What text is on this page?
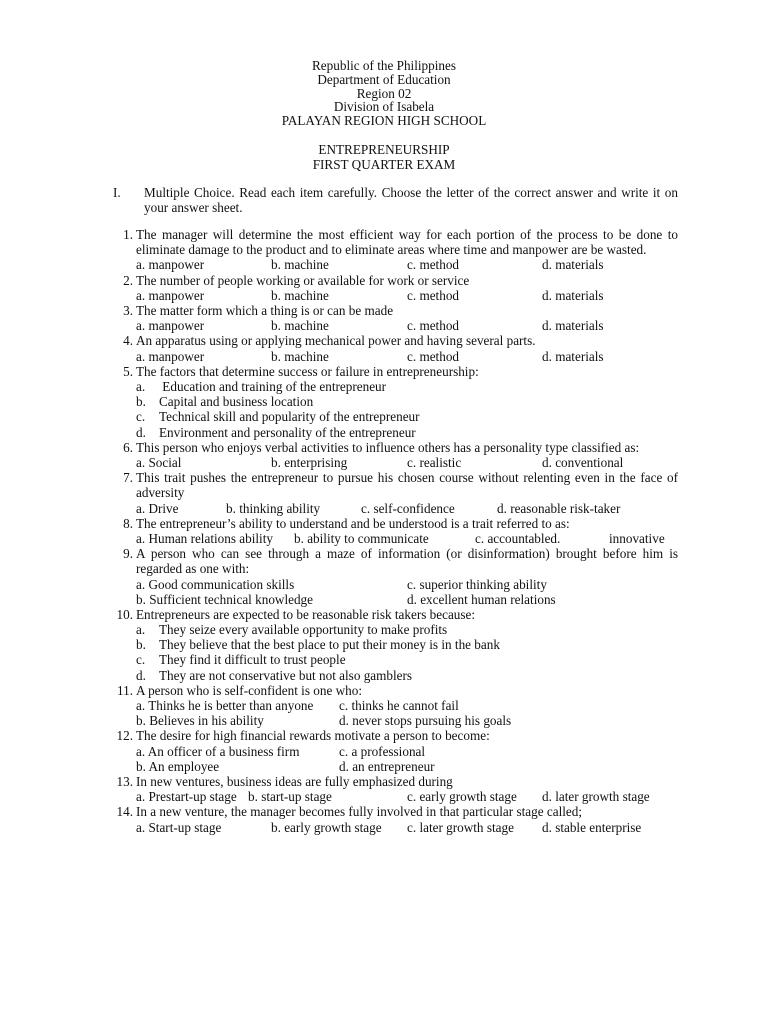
Republic of the Philippines
Department of Education
Region 02
Division of Isabela
PALAYAN REGION HIGH SCHOOL
ENTREPRENEURSHIP
FIRST QUARTER EXAM
I. Multiple Choice. Read each item carefully. Choose the letter of the correct answer and write it on your answer sheet.
1. The manager will determine the most efficient way for each portion of the process to be done to eliminate damage to the product and to eliminate areas where time and manpower are be wasted.
a. manpower	b. machine	c. method	d. materials
2. The number of people working or available for work or service
a. manpower	b. machine	c. method	d. materials
3. The matter form which a thing is or can be made
a. manpower	b. machine	c. method	d. materials
4. An apparatus using or applying mechanical power and having several parts.
a. manpower	b. machine	c. method	d. materials
5. The factors that determine success or failure in entrepreneurship:
a. Education and training of the entrepreneur
b. Capital and business location
c. Technical skill and popularity of the entrepreneur
d. Environment and personality of the entrepreneur
6. This person who enjoys verbal activities to influence others has a personality type classified as:
a. Social	b. enterprising	c. realistic	d. conventional
7. This trait pushes the entrepreneur to pursue his chosen course without relenting even in the face of adversity
a. Drive	b. thinking ability	c. self-confidence	d. reasonable risk-taker
8. The entrepreneur’s ability to understand and be understood is a trait referred to as:
a. Human relations ability b. ability to communicate	c. accountabled.	innovative
9. A person who can see through a maze of information (or disinformation) brought before him is regarded as one with:
a. Good communication skills	c. superior thinking ability
b. Sufficient technical knowledge	d. excellent human relations
10. Entrepreneurs are expected to be reasonable risk takers because:
a. They seize every available opportunity to make profits
b. They believe that the best place to put their money is in the bank
c. They find it difficult to trust people
d. They are not conservative but not also gamblers
11. A person who is self-confident is one who:
a. Thinks he is better than anyone c. thinks he cannot fail
b. Believes in his ability	d. never stops pursuing his goals
12. The desire for high financial rewards motivate a person to become:
a. An officer of a business firm	c. a professional
b. An employee	d. an entrepreneur
13. In new ventures, business ideas are fully emphasized during
a. Prestart-up stage b. start-up stage	c. early growth stage d. later growth stage
14. In a new venture, the manager becomes fully involved in that particular stage called;
a. Start-up stage	b. early growth stage c. later growth stage d. stable enterprise
